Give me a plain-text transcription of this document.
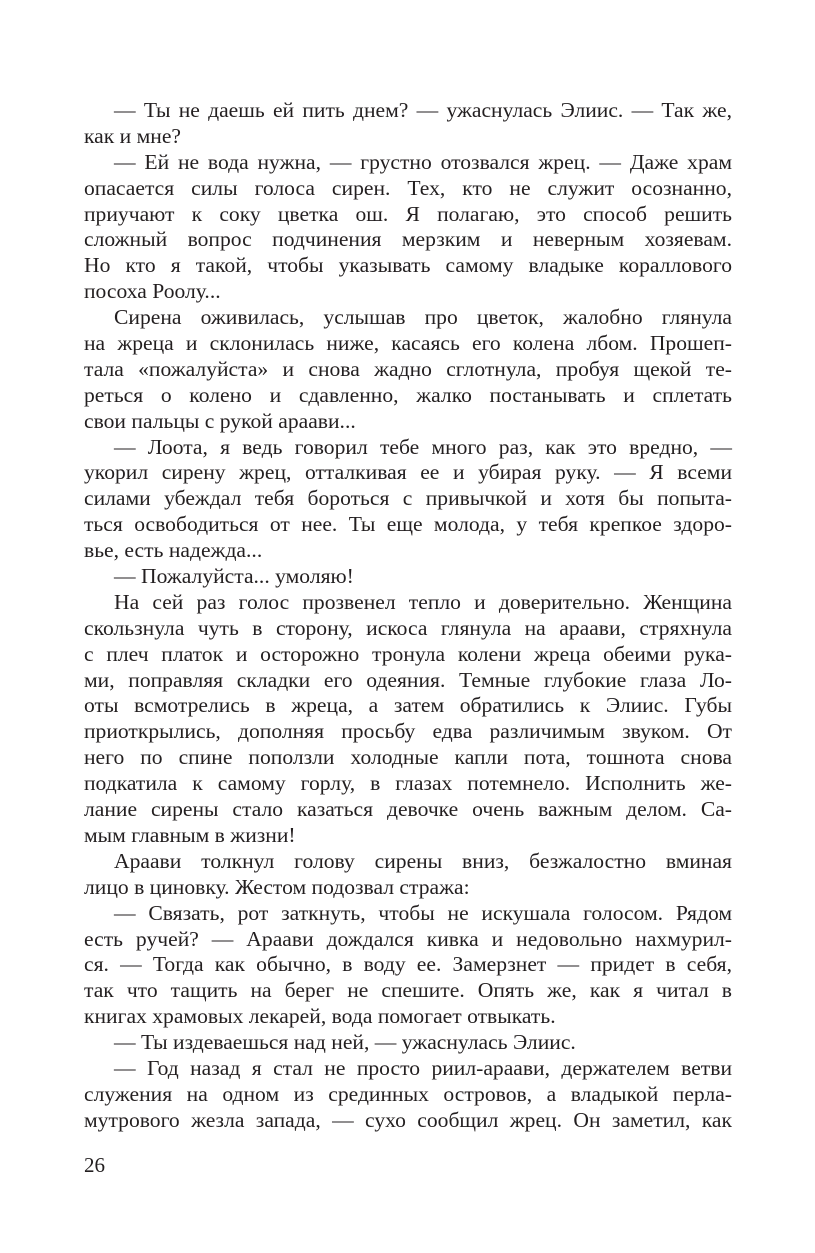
— Ты не даешь ей пить днем? — ужаснулась Элиис. — Так же,
как и мне?
— Ей не вода нужна, — грустно отозвался жрец. — Даже храм
опасается силы голоса сирен. Тех, кто не служит осознанно,
приучают к соку цветка ош. Я полагаю, это способ решить
сложный вопрос подчинения мерзким и неверным хозяевам.
Но кто я такой, чтобы указывать самому владыке кораллового
посоха Роолу...
Сирена оживилась, услышав про цветок, жалобно глянула
на жреца и склонилась ниже, касаясь его колена лбом. Прошеп-
тала «пожалуйста» и снова жадно сглотнула, пробуя щекой те-
реться о колено и сдавленно, жалко постанывать и сплетать
свои пальцы с рукой араави...
— Лоота, я ведь говорил тебе много раз, как это вредно, —
укорил сирену жрец, отталкивая ее и убирая руку. — Я всеми
силами убеждал тебя бороться с привычкой и хотя бы попыта-
ться освободиться от нее. Ты еще молода, у тебя крепкое здоро-
вье, есть надежда...
— Пожалуйста... умоляю!
На сей раз голос прозвенел тепло и доверительно. Женщина
скользнула чуть в сторону, искоса глянула на араави, стряхнула
с плеч платок и осторожно тронула колени жреца обеими рука-
ми, поправляя складки его одеяния. Темные глубокие глаза Ло-
оты всмотрелись в жреца, а затем обратились к Элиис. Губы
приоткрылись, дополняя просьбу едва различимым звуком. От
него по спине поползли холодные капли пота, тошнота снова
подкатила к самому горлу, в глазах потемнело. Исполнить же-
лание сирены стало казаться девочке очень важным делом. Са-
мым главным в жизни!
Араави толкнул голову сирены вниз, безжалостно вминая
лицо в циновку. Жестом подозвал стража:
— Связать, рот заткнуть, чтобы не искушала голосом. Рядом
есть ручей? — Араави дождался кивка и недовольно нахмурил-
ся. — Тогда как обычно, в воду ее. Замерзнет — придет в себя,
так что тащить на берег не спешите. Опять же, как я читал в
книгах храмовых лекарей, вода помогает отвыкать.
— Ты издеваешься над ней, — ужаснулась Элиис.
— Год назад я стал не просто риил-араави, держателем ветви
служения на одном из срединных островов, а владыкой перла-
мутрового жезла запада, — сухо сообщил жрец. Он заметил, как
26
